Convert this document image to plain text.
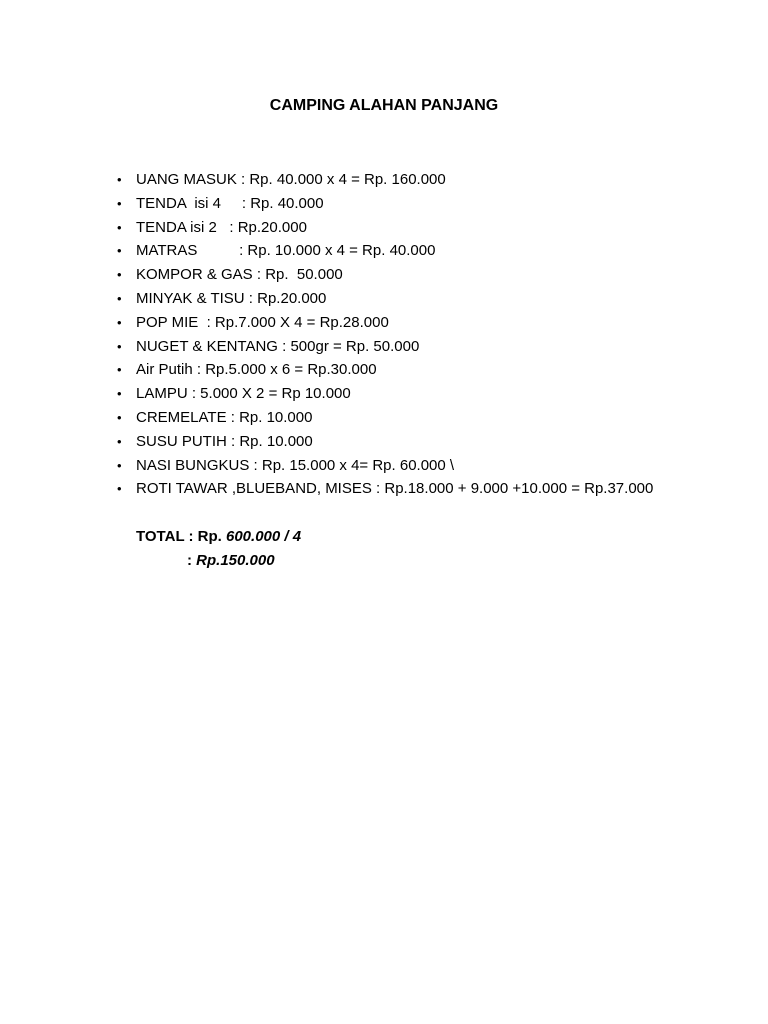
CAMPING ALAHAN PANJANG
• UANG MASUK : Rp. 40.000 x 4 = Rp. 160.000
• TENDA  isi 4     : Rp. 40.000
• TENDA isi 2   : Rp.20.000
• MATRAS          : Rp. 10.000 x 4 = Rp. 40.000
• KOMPOR & GAS : Rp.  50.000
• MINYAK & TISU : Rp.20.000
• POP MIE  : Rp.7.000 X 4 = Rp.28.000
• NUGET & KENTANG : 500gr = Rp. 50.000
• Air Putih : Rp.5.000 x 6 = Rp.30.000
• LAMPU : 5.000 X 2 = Rp 10.000
• CREMELATE : Rp. 10.000
• SUSU PUTIH : Rp. 10.000
• NASI BUNGKUS : Rp. 15.000 x 4= Rp. 60.000 \
• ROTI TAWAR ,BLUEBAND, MISES : Rp.18.000 + 9.000 +10.000 = Rp.37.000
TOTAL : Rp. 600.000 / 4
: Rp.150.000
